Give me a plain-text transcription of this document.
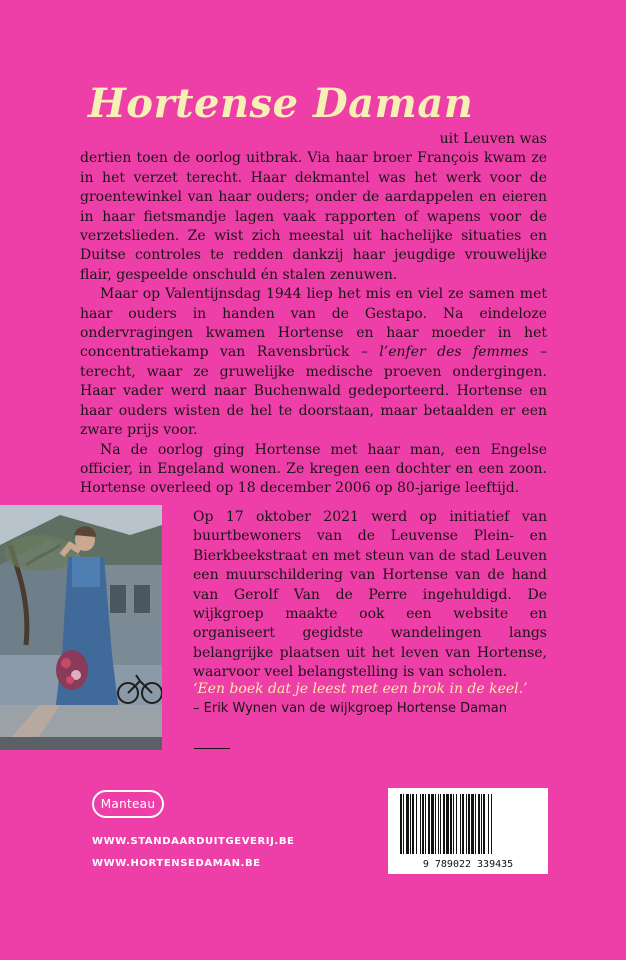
Hortense Daman

uit Leuven was
dertien toen de oorlog uitbrak. Via haar broer François kwam ze in het verzet terecht. Haar dekmantel was het werk voor de groentewinkel van haar ouders; onder de aardappelen en eieren in haar fietsmandje lagen vaak rapporten of wapens voor de verzetslieden. Ze wist zich meestal uit hachelijke situaties en Duitse controles te redden dankzij haar jeugdige vrouwelijke flair, gespeelde onschuld én stalen zenuwen.

Maar op Valentijnsdag 1944 liep het mis en viel ze samen met haar ouders in handen van de Gestapo. Na eindeloze ondervragingen kwamen Hortense en haar moeder in het concentratiekamp van Ravensbrück – l’enfer des femmes – terecht, waar ze gruwelijke medische proeven ondergingen. Haar vader werd naar Buchenwald gedeporteerd. Hortense en haar ouders wisten de hel te doorstaan, maar betaalden er een zware prijs voor.

Na de oorlog ging Hortense met haar man, een Engelse officier, in Engeland wonen. Ze kregen een dochter en een zoon. Hortense overleed op 18 december 2006 op 80-jarige leeftijd.

Op 17 oktober 2021 werd op initiatief van buurtbewoners van de Leuvense Plein- en Bierkbeekstraat en met steun van de stad Leuven een muurschildering van Hortense van de hand van Gerolf Van de Perre ingehuldigd. De wijkgroep maakte ook een website en organiseert gegidste wandelingen langs belangrijke plaatsen uit het leven van Hortense, waarvoor veel belangstelling is van scholen.

‘Een boek dat je leest met een brok in de keel.’
– Erik Wynen van de wijkgroep Hortense Daman
Manteau
WWW.STANDAARDUITGEVERIJ.BE
WWW.HORTENSEDAMAN.BE	9 789022 339435
